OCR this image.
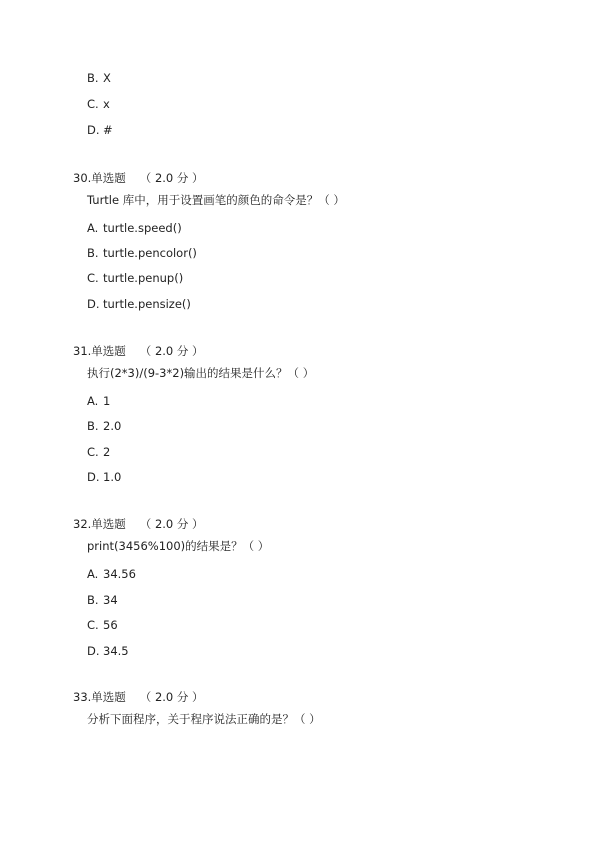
B. X
C. x
D. #
30.单选题 （ 2.0 分 ）
Turtle 库中，用于设置画笔的颜色的命令是？（ ）
A. turtle.speed()
B. turtle.pencolor()
C. turtle.penup()
D. turtle.pensize()
31.单选题 （ 2.0 分 ）
执行(2*3)/(9-3*2)输出的结果是什么？（ ）
A. 1
B. 2.0
C. 2
D. 1.0
32.单选题 （ 2.0 分 ）
print(3456%100)的结果是？（ ）
A. 34.56
B. 34
C. 56
D. 34.5
33.单选题 （ 2.0 分 ）
分析下面程序，关于程序说法正确的是？（ ）
